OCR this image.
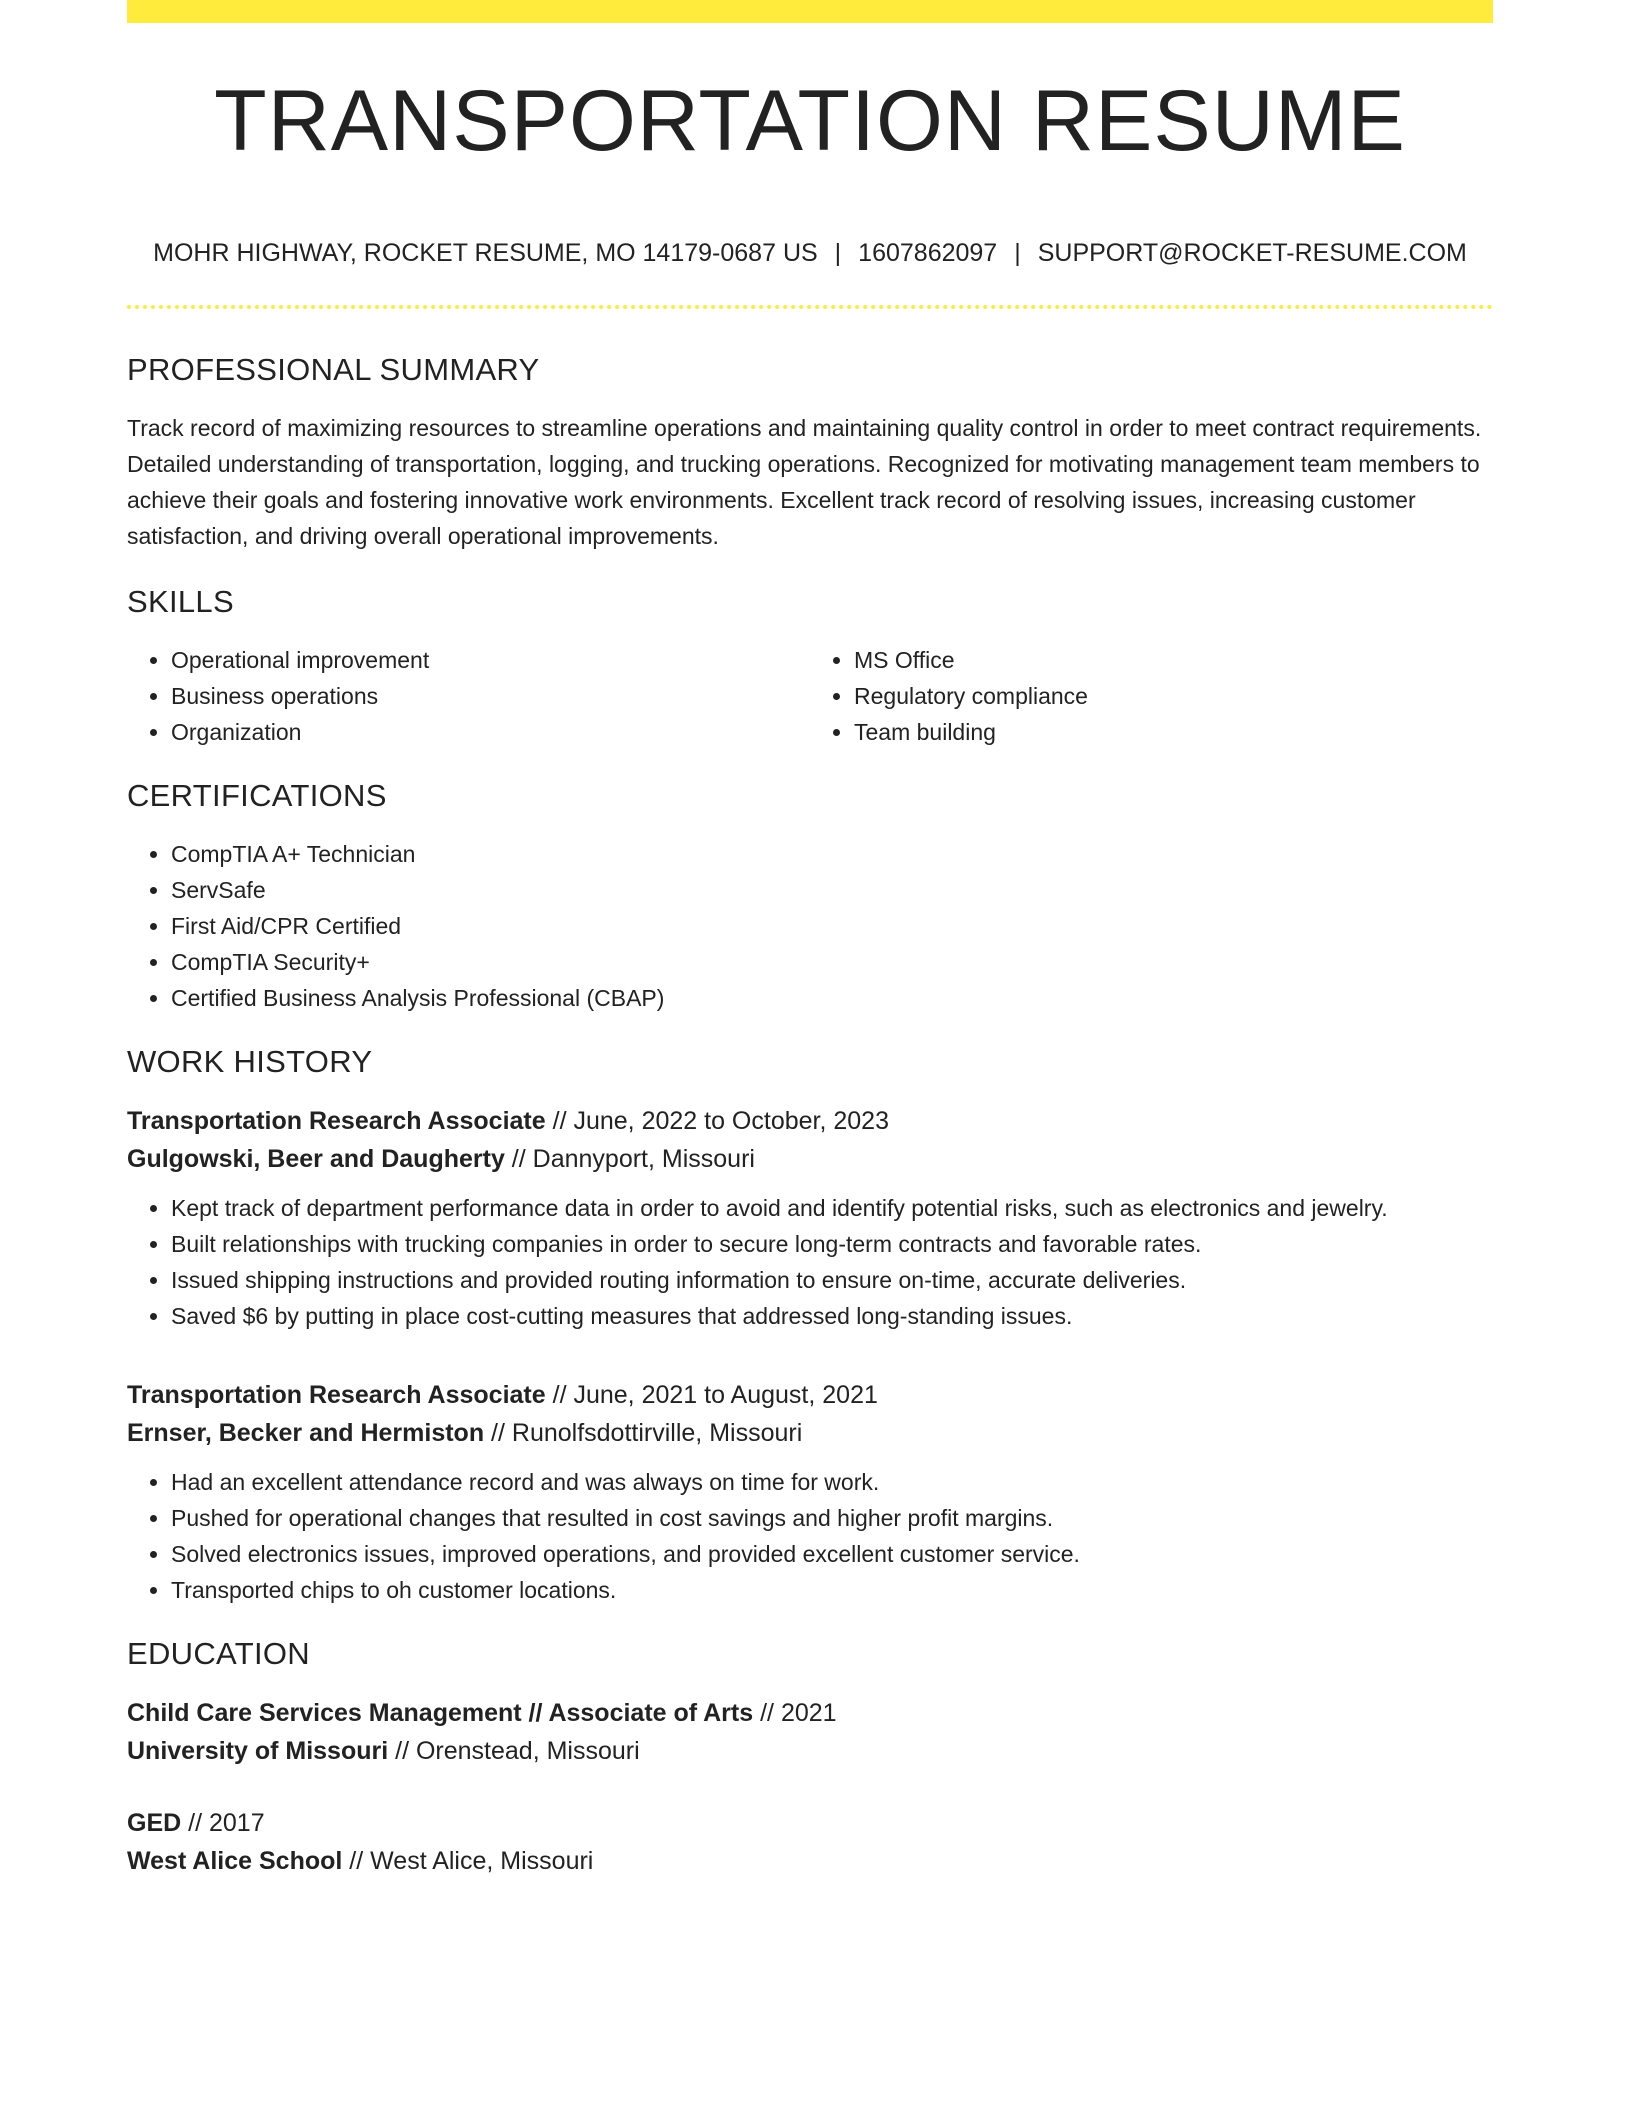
TRANSPORTATION RESUME
MOHR HIGHWAY, ROCKET RESUME, MO 14179-0687 US | 1607862097 | SUPPORT@ROCKET-RESUME.COM
PROFESSIONAL SUMMARY
Track record of maximizing resources to streamline operations and maintaining quality control in order to meet contract requirements. Detailed understanding of transportation, logging, and trucking operations. Recognized for motivating management team members to achieve their goals and fostering innovative work environments. Excellent track record of resolving issues, increasing customer satisfaction, and driving overall operational improvements.
SKILLS
• Operational improvement
• Business operations
• Organization
• MS Office
• Regulatory compliance
• Team building
CERTIFICATIONS
• CompTIA A+ Technician
• ServSafe
• First Aid/CPR Certified
• CompTIA Security+
• Certified Business Analysis Professional (CBAP)
WORK HISTORY
Transportation Research Associate // June, 2022 to October, 2023
Gulgowski, Beer and Daugherty // Dannyport, Missouri
• Kept track of department performance data in order to avoid and identify potential risks, such as electronics and jewelry.
• Built relationships with trucking companies in order to secure long-term contracts and favorable rates.
• Issued shipping instructions and provided routing information to ensure on-time, accurate deliveries.
• Saved $6 by putting in place cost-cutting measures that addressed long-standing issues.
Transportation Research Associate // June, 2021 to August, 2021
Ernser, Becker and Hermiston // Runolfsdottirville, Missouri
• Had an excellent attendance record and was always on time for work.
• Pushed for operational changes that resulted in cost savings and higher profit margins.
• Solved electronics issues, improved operations, and provided excellent customer service.
• Transported chips to oh customer locations.
EDUCATION
Child Care Services Management // Associate of Arts // 2021
University of Missouri // Orenstead, Missouri
GED // 2017
West Alice School // West Alice, Missouri
